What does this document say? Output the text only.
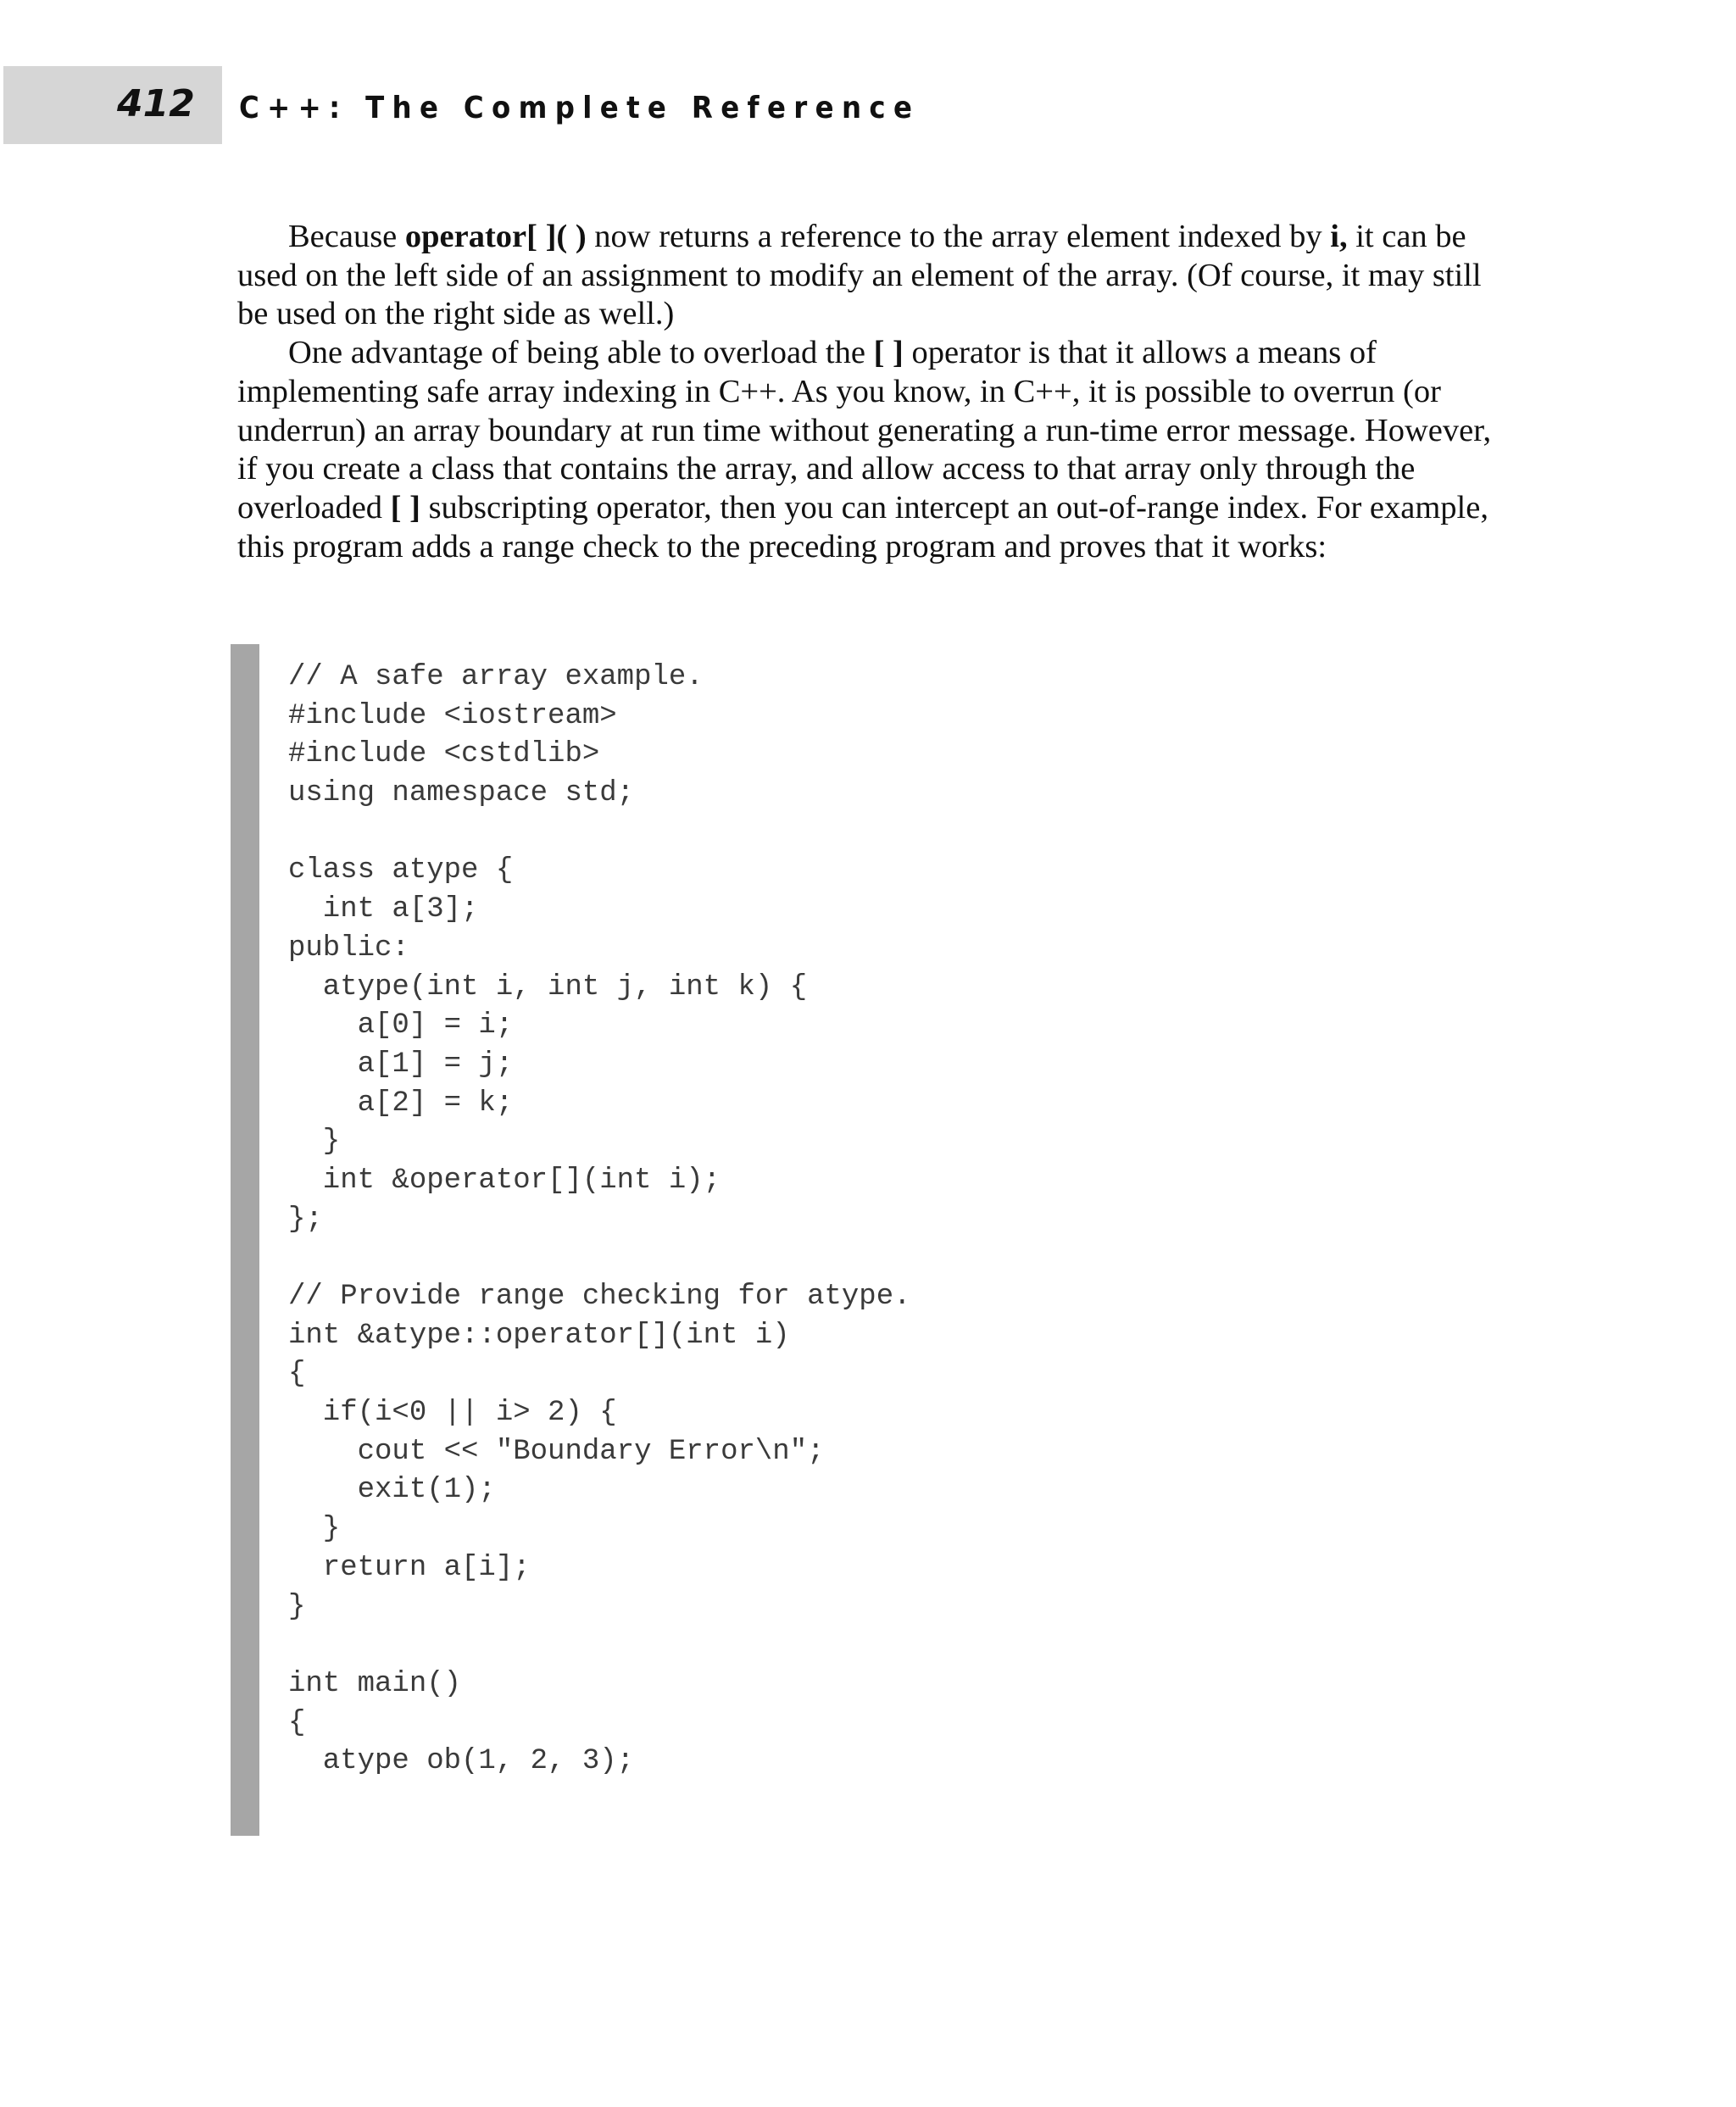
412 C++: The Complete Reference

Because operator[ ]( ) now returns a reference to the array element indexed by i, it can be used on the left side of an assignment to modify an element of the array. (Of course, it may still be used on the right side as well.)

One advantage of being able to overload the [ ] operator is that it allows a means of implementing safe array indexing in C++. As you know, in C++, it is possible to overrun (or underrun) an array boundary at run time without generating a run-time error message. However, if you create a class that contains the array, and allow access to that array only through the overloaded [ ] subscripting operator, then you can intercept an out-of-range index. For example, this program adds a range check to the preceding program and proves that it works:

// A safe array example.
#include <iostream>
#include <cstdlib>
using namespace std;
class atype {
int a[3];
public:
atype(int i, int j, int k) {
a[0] = i;
a[1] = j;
a[2] = k;
}
int &operator[](int i);
};
// Provide range checking for atype.
int &atype::operator[](int i)
{
if(i<0 || i> 2) {
cout << "Boundary Error\n";
exit(1);
}
return a[i];
}
int main()
{
atype ob(1, 2, 3);
